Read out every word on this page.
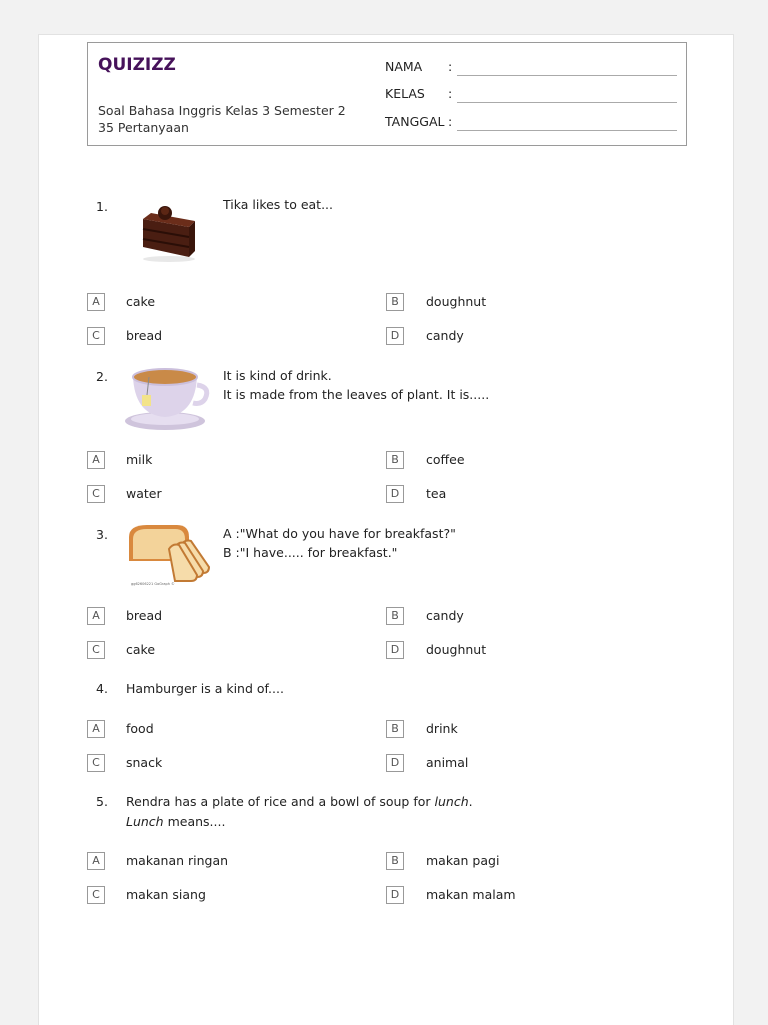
QUIZIZZ
Soal Bahasa Inggris Kelas 3 Semester 2
35 Pertanyaan
NAMA :
KELAS :
TANGGAL :
1.	Tika likes to eat...
A	cake	B	doughnut
C	bread	D	candy
2.	It is kind of drink.
It is made from the leaves of plant. It is.....
A	milk	B	coffee
C	water	D	tea
3.
gg62606221 GoGraph ©
A :"What do you have for breakfast?"
B :"I have..... for breakfast."
A	bread	B	candy
C	cake	D	doughnut
4. Hamburger is a kind of....
A	food	B	drink
C	snack	D	animal
5. Rendra has a plate of rice and a bowl of soup for lunch.
Lunch means....
A	makanan ringan	B	makan pagi
C	makan siang	D	makan malam
